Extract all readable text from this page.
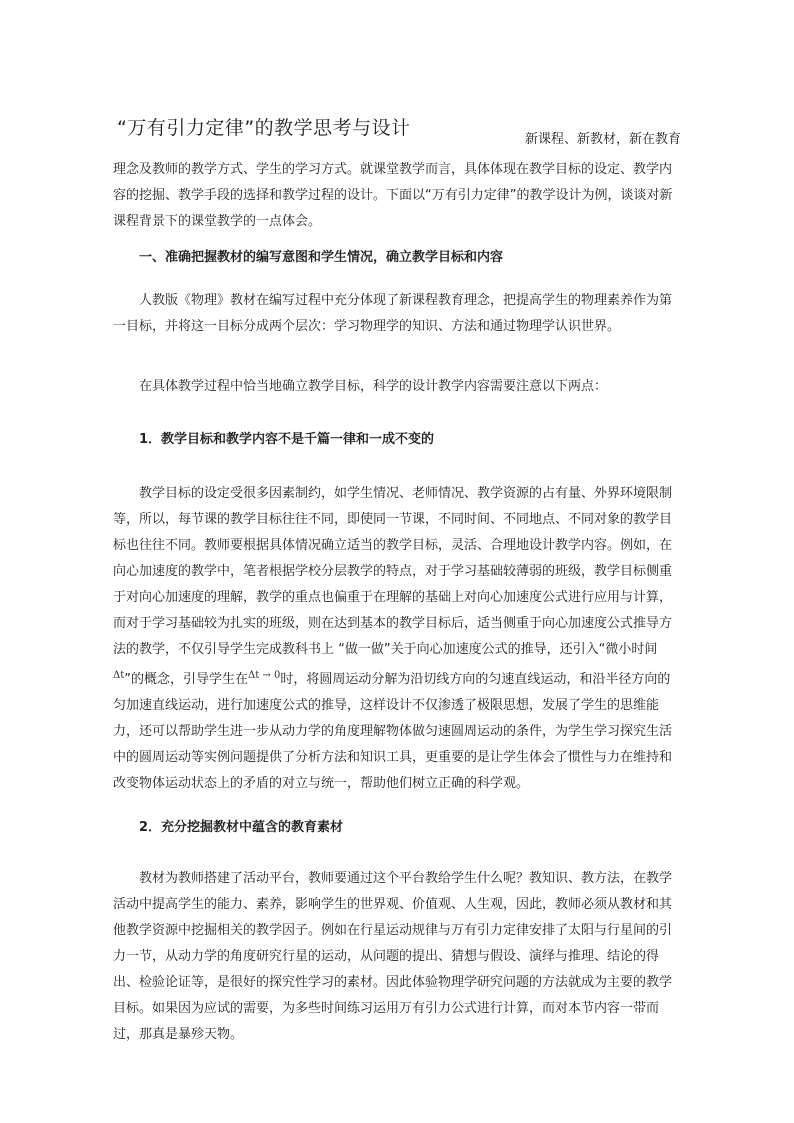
“万有引力定律”的教学思考与设计
新课程、新教材，新在教育

理念及教师的教学方式、学生的学习方式。就课堂教学而言，具体体现在教学目标的设定、教学内容的挖掘、教学手段的选择和教学过程的设计。下面以“万有引力定律”的教学设计为例，谈谈对新课程背景下的课堂教学的一点体会。

一、准确把握教材的编写意图和学生情况，确立教学目标和内容

人教版《物理》教材在编写过程中充分体现了新课程教育理念，把提高学生的物理素养作为第一目标，并将这一目标分成两个层次：学习物理学的知识、方法和通过物理学认识世界。

在具体教学过程中恰当地确立教学目标，科学的设计教学内容需要注意以下两点：

1．教学目标和教学内容不是千篇一律和一成不变的

教学目标的设定受很多因素制约，如学生情况、老师情况、教学资源的占有量、外界环境限制等，所以，每节课的教学目标往往不同，即使同一节课，不同时间、不同地点、不同对象的教学目标也往往不同。教师要根据具体情况确立适当的教学目标，灵活、合理地设计教学内容。例如，在向心加速度的教学中，笔者根据学校分层教学的特点，对于学习基础较薄弱的班级，教学目标侧重于对向心加速度的理解，教学的重点也偏重于在理解的基础上对向心加速度公式进行应用与计算，而对于学习基础较为扎实的班级，则在达到基本的教学目标后，适当侧重于向心加速度公式推导方法的教学，不仅引导学生完成教科书上 “做一做”关于向心加速度公式的推导，还引入“微小时间$^{\Delta t}$”的概念，引导学生在$^{\Delta t \to 0}$时，将圆周运动分解为沿切线方向的匀速直线运动，和沿半径方向的匀加速直线运动，进行加速度公式的推导，这样设计不仅渗透了极限思想，发展了学生的思维能力，还可以帮助学生进一步从动力学的角度理解物体做匀速圆周运动的条件，为学生学习探究生活中的圆周运动等实例问题提供了分析方法和知识工具，更重要的是让学生体会了惯性与力在维持和改变物体运动状态上的矛盾的对立与统一，帮助他们树立正确的科学观。

2．充分挖掘教材中蕴含的教育素材

教材为教师搭建了活动平台，教师要通过这个平台教给学生什么呢？教知识、教方法，在教学活动中提高学生的能力、素养，影响学生的世界观、价值观、人生观，因此，教师必须从教材和其他教学资源中挖掘相关的教学因子。例如在行星运动规律与万有引力定律安排了太阳与行星间的引力一节，从动力学的角度研究行星的运动，从问题的提出、猜想与假设、演绎与推理、结论的得出、检验论证等，是很好的探究性学习的素材。因此体验物理学研究问题的方法就成为主要的教学目标。如果因为应试的需要，为多些时间练习运用万有引力公式进行计算，而对本节内容一带而过，那真是暴殄天物。
